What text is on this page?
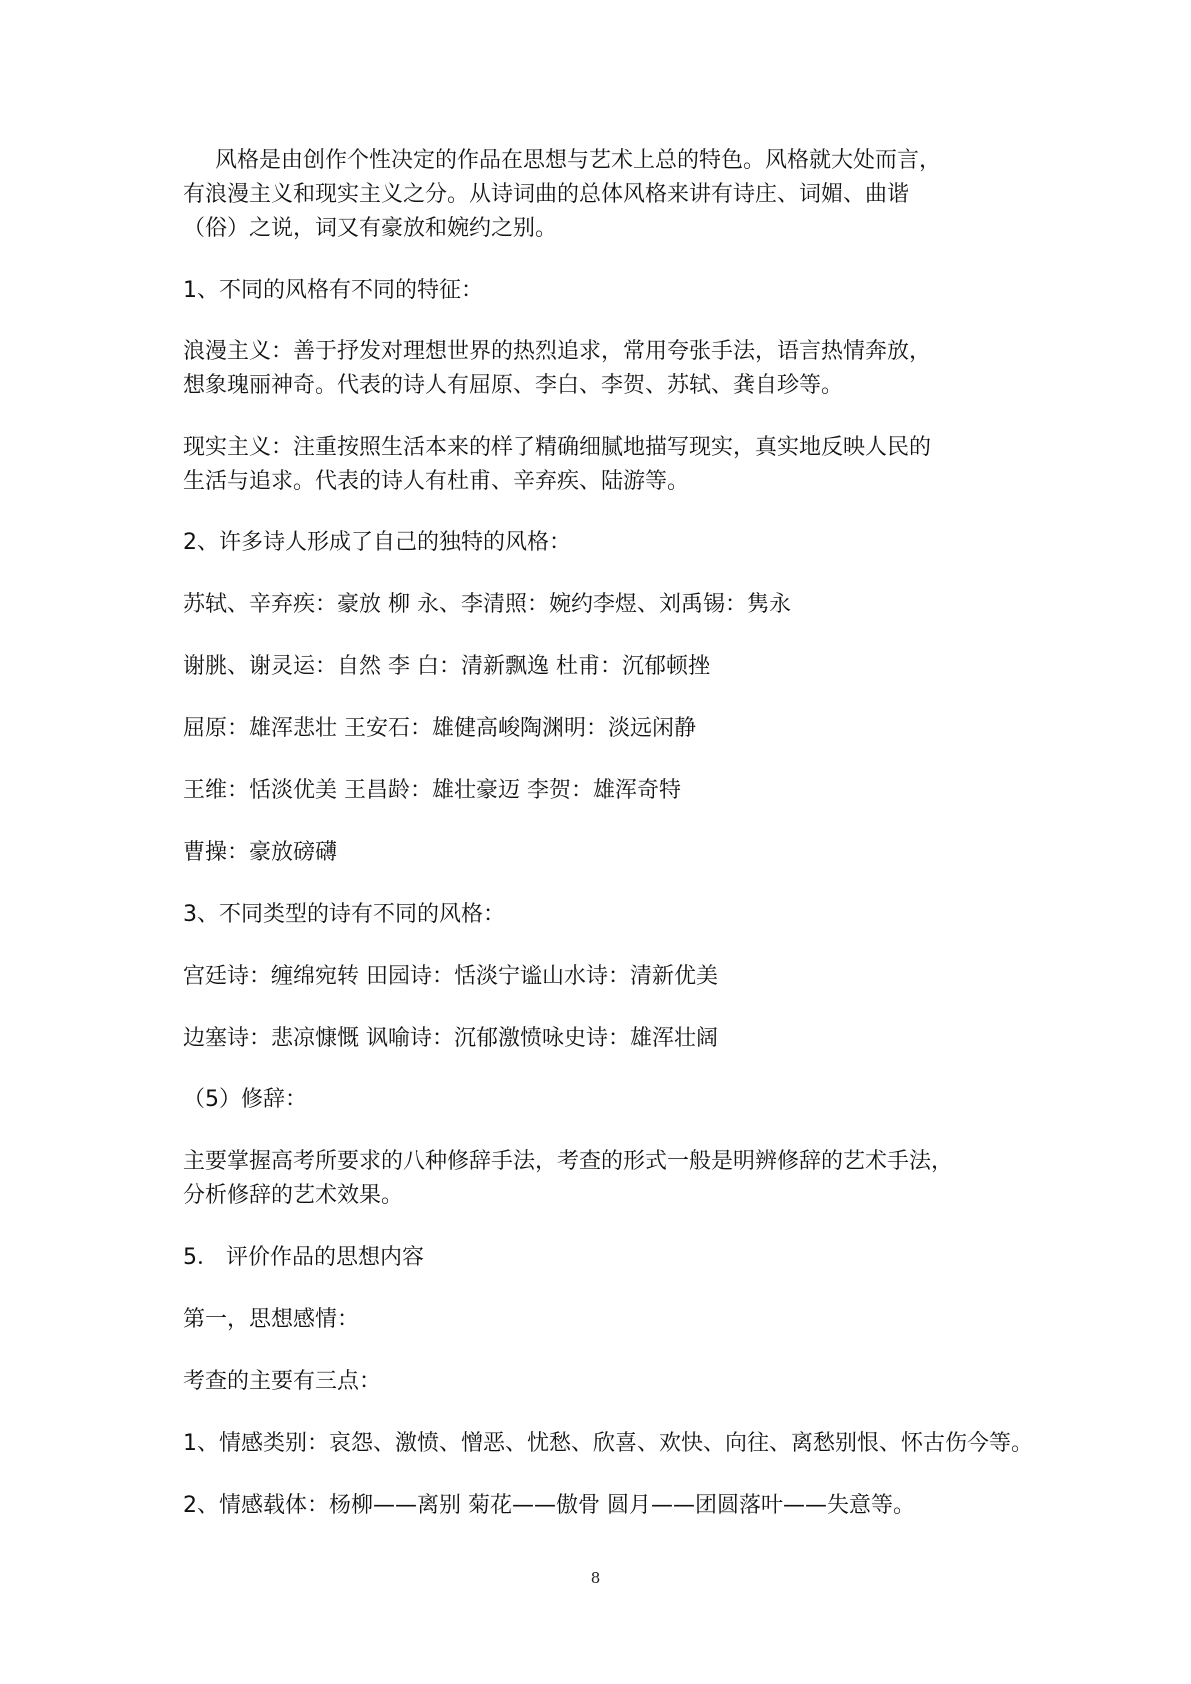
风格是由创作个性决定的作品在思想与艺术上总的特色。风格就大处而言，

有浪漫主义和现实主义之分。从诗词曲的总体风格来讲有诗庄、词媚、曲谐

（俗）之说，词又有豪放和婉约之别。

1、不同的风格有不同的特征：

浪漫主义：善于抒发对理想世界的热烈追求，常用夸张手法，语言热情奔放，

想象瑰丽神奇。代表的诗人有屈原、李白、李贺、苏轼、龚自珍等。

现实主义：注重按照生活本来的样了精确细腻地描写现实，真实地反映人民的

生活与追求。代表的诗人有杜甫、辛弃疾、陆游等。

2、许多诗人形成了自己的独特的风格：

苏轼、辛弃疾：豪放 柳 永、李清照：婉约李煜、刘禹锡：隽永

谢朓、谢灵运：自然 李 白：清新飘逸 杜甫：沉郁顿挫

屈原：雄浑悲壮 王安石：雄健高峻陶渊明：淡远闲静

王维：恬淡优美 王昌龄：雄壮豪迈 李贺：雄浑奇特

曹操：豪放磅礴

3、不同类型的诗有不同的风格：

宫廷诗：缠绵宛转 田园诗：恬淡宁谧山水诗：清新优美

边塞诗：悲凉慷慨 讽喻诗：沉郁激愤咏史诗：雄浑壮阔

（5）修辞：

主要掌握高考所要求的八种修辞手法，考查的形式一般是明辨修辞的艺术手法，

分析修辞的艺术效果。

5． 评价作品的思想内容

第一，思想感情：

考查的主要有三点：

1、情感类别：哀怨、激愤、憎恶、忧愁、欣喜、欢快、向往、离愁别恨、怀古伤今等。

2、情感载体：杨柳——离别 菊花——傲骨 圆月——团圆落叶——失意等。

8
